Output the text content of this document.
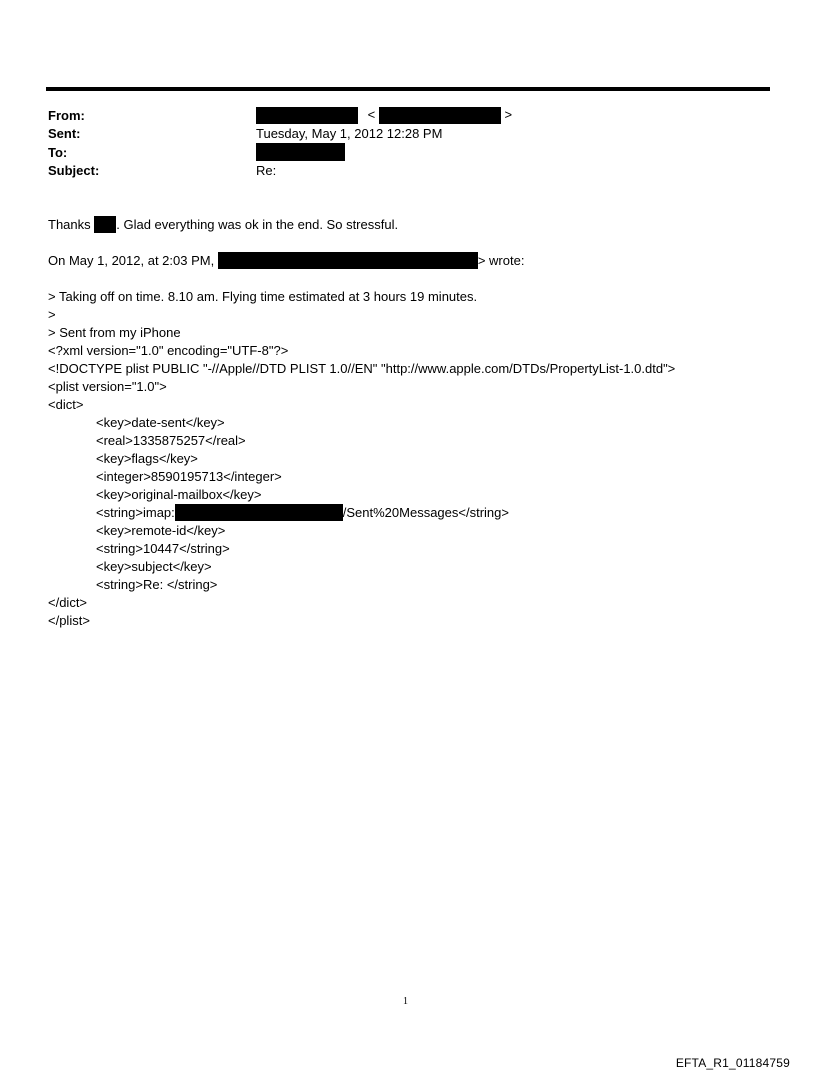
From:	<	>
Sent:	Tuesday, May 1, 2012 12:28 PM
To:
Subject:	Re:
Thanks . Glad everything was ok in the end. So stressful.
On May 1, 2012, at 2:03 PM,	> wrote:
> Taking off on time. 8.10 am. Flying time estimated at 3 hours 19 minutes.
>
> Sent from my iPhone
<?xml version="1.0" encoding="UTF-8"?>
<!DOCTYPE plist PUBLIC "-//Apple//DTD PLIST 1.0//EN" "http://www.apple.com/DTDs/PropertyList-1.0.dtd">
<plist version="1.0">
<dict>
<key>date-sent</key>
<real>1335875257</real>
<key>flags</key>
<integer>8590195713</integer>
<key>original-mailbox</key>
<string>imap:	/Sent%20Messages</string>
<key>remote-id</key>
<string>10447</string>
<key>subject</key>
<string>Re: </string>
</dict>
</plist>
1
EFTA_R1_01184759
